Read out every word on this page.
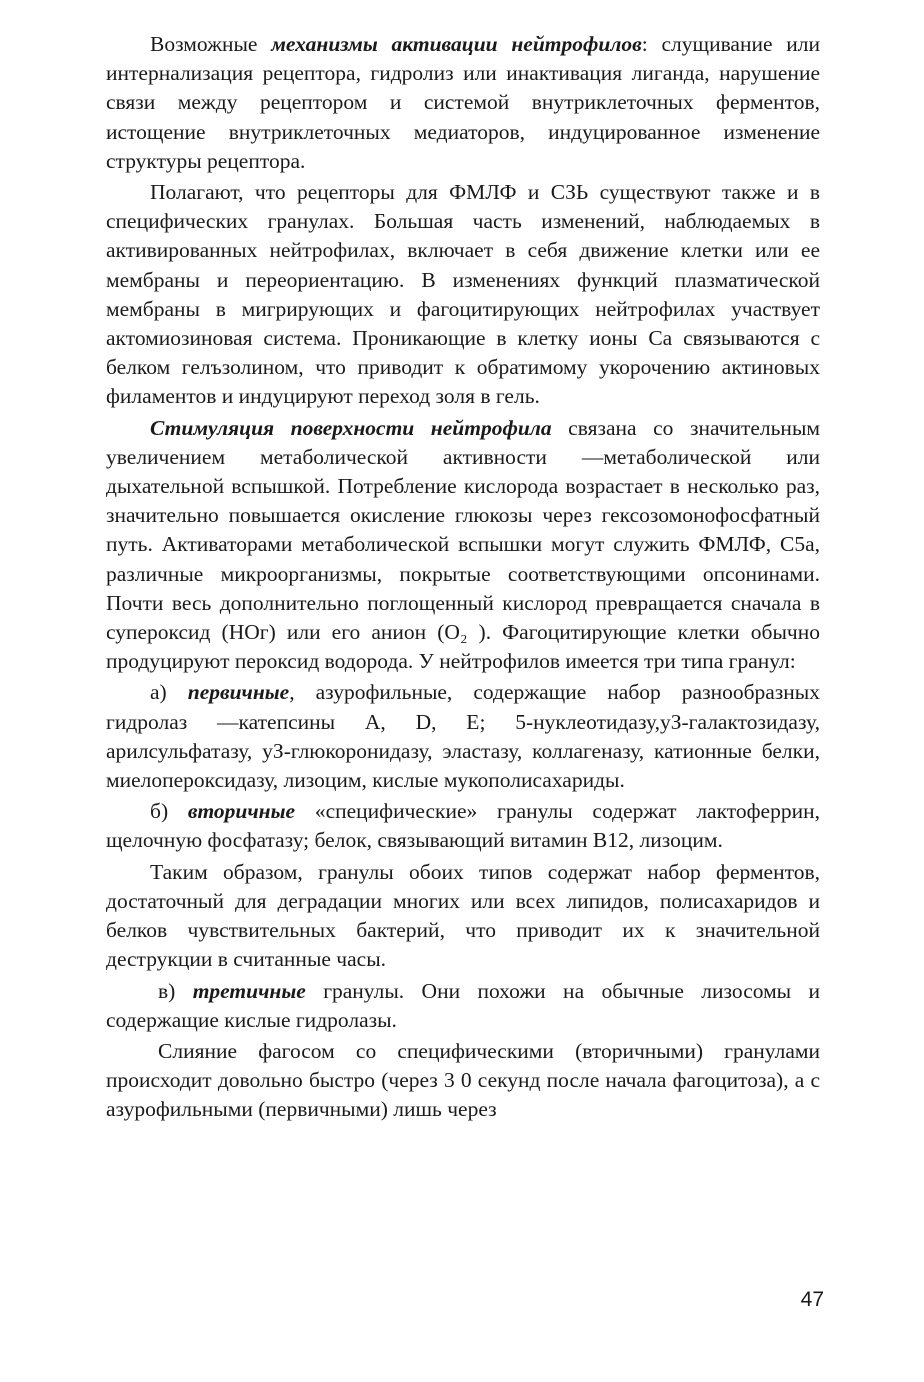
Возможные механизмы активации нейтрофилов: слущивание или интернализация рецептора, гидролиз или инактивация лиганда, нарушение связи между рецептором и системой внутриклеточных ферментов, истощение внутриклеточных медиаторов, индуцированное изменение структуры рецептора.

Полагают, что рецепторы для ФМЛФ и СЗЬ существуют также и в специфических гранулах. Большая часть изменений, наблюдаемых в активированных нейтрофилах, включает в себя движение клетки или ее мембраны и переориентацию. В изменениях функций плазматической мембраны в мигрирующих и фагоцитирующих нейтрофилах участвует актомиозиновая система. Проникающие в клетку ионы Са связываются с белком гелъзолином, что приводит к обратимому укорочению актиновых филаментов и индуцируют переход золя в гель.

Стимуляция поверхности нейтрофила связана со значительным увеличением метаболической активности —метаболической или дыхательной вспышкой. Потребление кислорода возрастает в несколько раз, значительно повышается окисление глюкозы через гексозомонофосфатный путь. Активаторами метаболической вспышки могут служить ФМЛФ, С5а, различные микроорганизмы, покрытые соответствующими опсонинами. Почти весь дополнительно поглощенный кислород превращается сначала в супероксид (НОг) или его анион (О₂ ). Фагоцитирующие клетки обычно продуцируют пероксид водорода. У нейтрофилов имеется три типа гранул:

а) первичные, азурофильные, содержащие набор разнообразных гидролаз —катепсины A, D, E; 5-нуклеотидазу,уЗ-галактозидазу, арилсульфатазу, уЗ-глюкоронидазу, эластазу, коллагеназу, катионные белки, миелопероксидазу, лизоцим, кислые мукополисахариды.

б) вторичные «специфические» гранулы содержат лактоферрин, щелочную фосфатазу; белок, связывающий витамин В12, лизоцим.

Таким образом, гранулы обоих типов содержат набор ферментов, достаточный для деградации многих или всех липидов, полисахаридов и белков чувствительных бактерий, что приводит их к значительной деструкции в считанные часы.

в) третичные гранулы. Они похожи на обычные лизосомы и содержащие кислые гидролазы.

Слияние фагосом со специфическими (вторичными) гранулами происходит довольно быстро (через 3 0 секунд после начала фагоцитоза), а с азурофильными (первичными) лишь через

47
